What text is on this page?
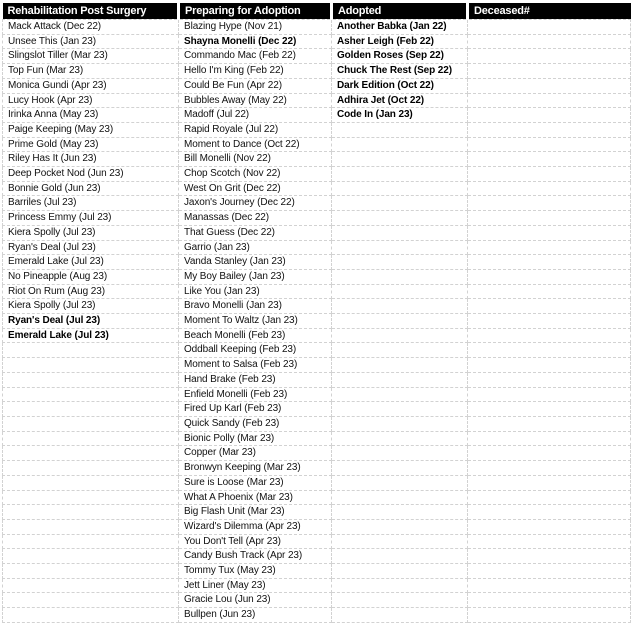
Rehabilitation Post Surgery	Preparing for Adoption	Adopted	Deceased#
Mack Attack (Dec 22)	Blazing Hype (Nov 21)	Another Babka (Jan 22)	
Unsee This (Jan 23)	Shayna Monelli (Dec 22)	Asher Leigh (Feb 22)	
Slingslot Tiller (Mar 23)	Commando Mac (Feb 22)	Golden Roses (Sep 22)	
Top Fun (Mar 23)	Hello I'm King (Feb 22)	Chuck The Rest (Sep 22)	
Monica Gundi (Apr 23)	Could Be Fun (Apr 22)	Dark Edition (Oct 22)	
Lucy Hook (Apr 23)	Bubbles Away (May 22)	Adhira Jet (Oct 22)	
Irinka Anna (May 23)	Madoff (Jul 22)	Code In (Jan 23)	
Paige Keeping (May 23)	Rapid Royale (Jul 22)		
Prime Gold (May 23)	Moment to Dance (Oct 22)		
Riley Has It (Jun 23)	Bill Monelli (Nov 22)		
Deep Pocket Nod (Jun 23)	Chop Scotch (Nov 22)		
Bonnie Gold (Jun 23)	West On Grit (Dec 22)		
Barriles (Jul 23)	Jaxon's Journey (Dec 22)		
Princess Emmy (Jul 23)	Manassas (Dec 22)		
Kiera Spolly (Jul 23)	That Guess (Dec 22)		
Ryan's Deal (Jul 23)	Garrio (Jan 23)		
Emerald Lake (Jul 23)	Vanda Stanley (Jan 23)		
No Pineapple (Aug 23)	My Boy Bailey (Jan 23)		
Riot On Rum (Aug 23)	Like You (Jan 23)		
Kiera Spolly (Jul 23)	Bravo Monelli (Jan 23)		
Ryan's Deal (Jul 23)	Moment To Waltz (Jan 23)		
Emerald Lake (Jul 23)	Beach Monelli (Feb 23)		
	Oddball Keeping (Feb 23)		
	Moment to Salsa (Feb 23)		
	Hand Brake (Feb 23)		
	Enfield Monelli (Feb 23)		
	Fired Up Karl (Feb 23)		
	Quick Sandy (Feb 23)		
	Bionic Polly (Mar 23)		
	Copper (Mar 23)		
	Bronwyn Keeping (Mar 23)		
	Sure is Loose (Mar 23)		
	What A Phoenix (Mar 23)		
	Big Flash Unit (Mar 23)		
	Wizard's Dilemma (Apr 23)		
	You Don't Tell (Apr 23)		
	Candy Bush Track (Apr 23)		
	Tommy Tux (May 23)		
	Jett Liner (May 23)		
	Gracie Lou (Jun 23)		
	Bullpen (Jun 23)		
